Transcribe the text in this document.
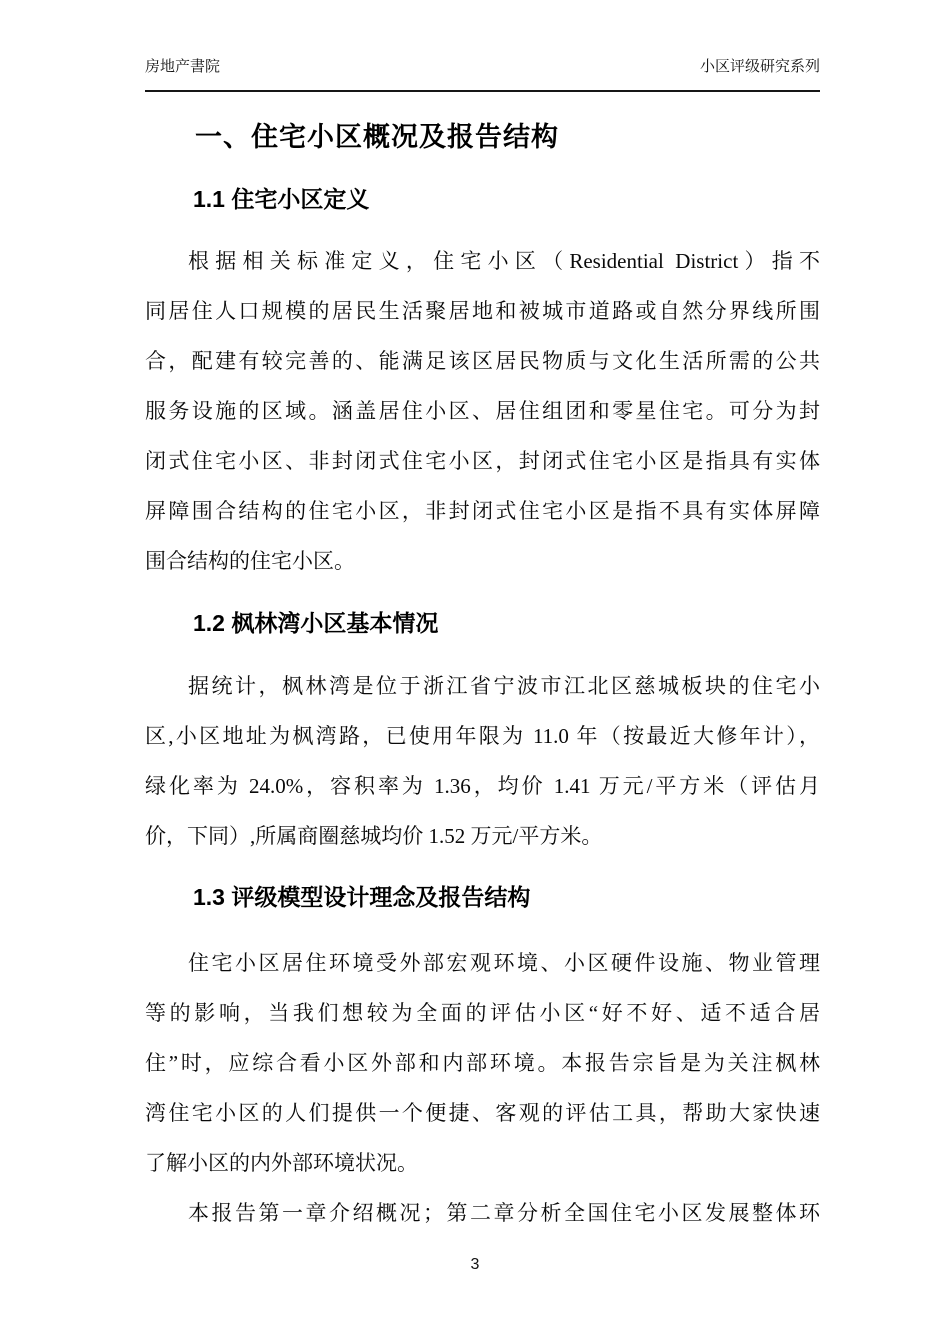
房地产書院	小区评级研究系列
一、住宅小区概况及报告结构
1.1 住宅小区定义
根据相关标准定义，住宅小区（Residential District）指不
同居住人口规模的居民生活聚居地和被城市道路或自然分界线所围
合，配建有较完善的、能满足该区居民物质与文化生活所需的公共
服务设施的区域。涵盖居住小区、居住组团和零星住宅。可分为封
闭式住宅小区、非封闭式住宅小区，封闭式住宅小区是指具有实体
屏障围合结构的住宅小区，非封闭式住宅小区是指不具有实体屏障
围合结构的住宅小区。
1.2 枫林湾小区基本情况
据统计，枫林湾是位于浙江省宁波市江北区慈城板块的住宅小
区,小区地址为枫湾路，已使用年限为 11.0 年（按最近大修年计），
绿化率为 24.0%，容积率为 1.36，均价 1.41 万元/平方米（评估月
价，下同）,所属商圈慈城均价 1.52 万元/平方米。
1.3 评级模型设计理念及报告结构
住宅小区居住环境受外部宏观环境、小区硬件设施、物业管理
等的影响，当我们想较为全面的评估小区“好不好、适不适合居
住”时，应综合看小区外部和内部环境。本报告宗旨是为关注枫林
湾住宅小区的人们提供一个便捷、客观的评估工具，帮助大家快速
了解小区的内外部环境状况。
本报告第一章介绍概况；第二章分析全国住宅小区发展整体环
3
